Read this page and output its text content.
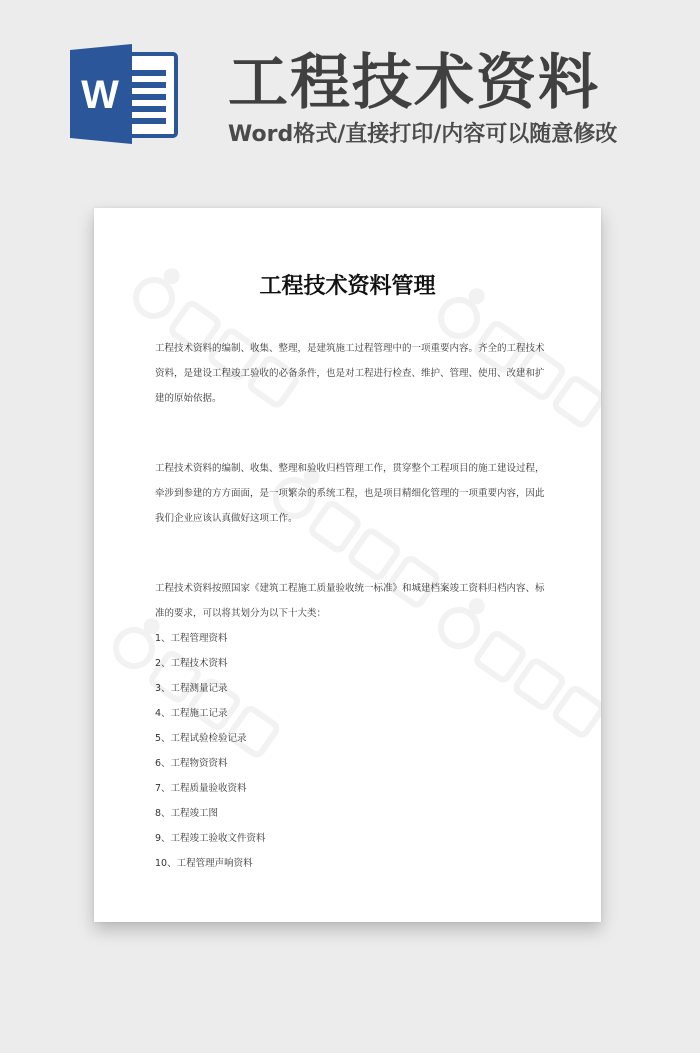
W 工程技术资料
Word格式/直接打印/内容可以随意修改
工程技术资料管理

工程技术资料的编制、收集、整理，是建筑施工过程管理中的一项重要内容。齐全的工程技术资料，是建设工程竣工验收的必备条件，也是对工程进行检查、维护、管理、使用、改建和扩建的原始依据。

工程技术资料的编制、收集、整理和验收归档管理工作，贯穿整个工程项目的施工建设过程，牵涉到参建的方方面面，是一项繁杂的系统工程，也是项目精细化管理的一项重要内容，因此我们企业应该认真做好这项工作。

工程技术资料按照国家《建筑工程施工质量验收统一标准》和城建档案竣工资料归档内容、标准的要求，可以将其划分为以下十大类：

1、工程管理资料
2、工程技术资料
3、工程测量记录
4、工程施工记录
5、工程试验检验记录
6、工程物资资料
7、工程质量验收资料
8、工程竣工图
9、工程竣工验收文件资料
10、工程管理声响资料
